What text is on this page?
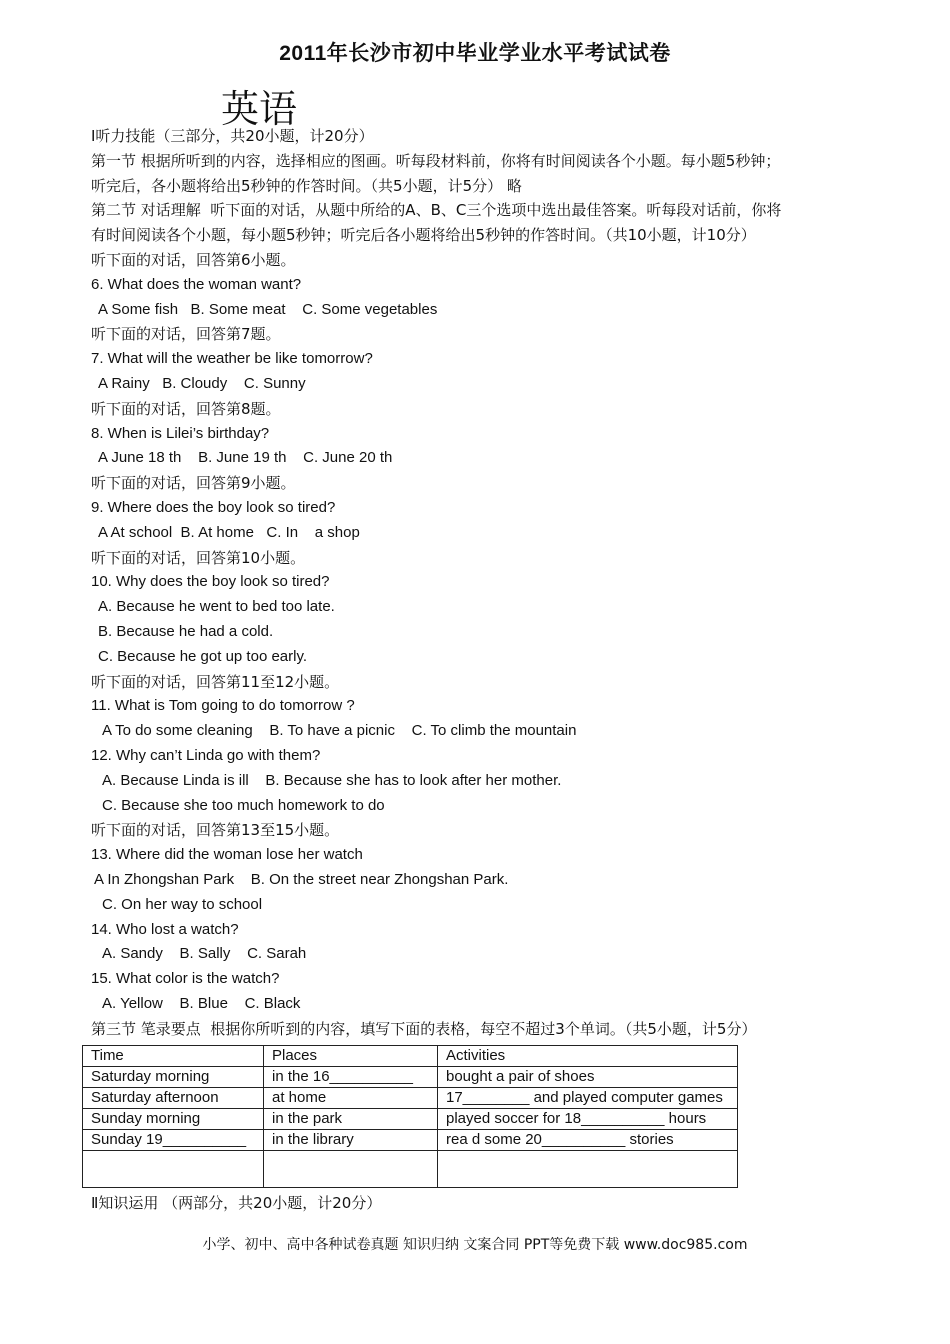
2011年长沙市初中毕业学业水平考试试卷
英语
Ⅰ听力技能（三部分，共20小题，计20分）
第一节 根据所听到的内容，选择相应的图画。听每段材料前，你将有时间阅读各个小题。每小题5秒钟；
听完后，各小题将给出5秒钟的作答时间。（共5小题，计5分） 略
第二节 对话理解  听下面的对话，从题中所给的A、B、C三个选项中选出最佳答案。听每段对话前，你将
有时间阅读各个小题，每小题5秒钟；听完后各小题将给出5秒钟的作答时间。（共10小题，计10分）
听下面的对话，回答第6小题。
6. What does the woman want?
A Some fish   B. Some meat    C. Some vegetables
听下面的对话，回答第7题。
7. What will the weather be like tomorrow?
A Rainy   B. Cloudy    C. Sunny
听下面的对话，回答第8题。
8. When is Lilei’s birthday?
A June 18 th    B. June 19 th    C. June 20 th
听下面的对话，回答第9小题。
9. Where does the boy look so tired?
A At school  B. At home   C. In    a shop
听下面的对话，回答第10小题。
10. Why does the boy look so tired?
A. Because he went to bed too late.
B. Because he had a cold.
C. Because he got up too early.
听下面的对话，回答第11至12小题。
11. What is Tom going to do tomorrow ?
A To do some cleaning    B. To have a picnic    C. To climb the mountain
12. Why can’t Linda go with them?
A. Because Linda is ill    B. Because she has to look after her mother.
C. Because she too much homework to do
听下面的对话，回答第13至15小题。
13. Where did the woman lose her watch
A In Zhongshan Park    B. On the street near Zhongshan Park.
C. On her way to school
14. Who lost a watch?
A. Sandy    B. Sally    C. Sarah
15. What color is the watch?
A. Yellow    B. Blue    C. Black
第三节 笔录要点  根据你所听到的内容，填写下面的表格，每空不超过3个单词。（共5小题，计5分）
Time	Places	Activities
Saturday morning	in the 16__________	bought a pair of shoes
Saturday afternoon	at home	17________ and played computer games
Sunday morning	in the park	played soccer for 18__________ hours
Sunday 19__________	in the library	rea d some 20__________ stories

Ⅱ知识运用 （两部分，共20小题，计20分）
小学、初中、高中各种试卷真题 知识归纳 文案合同 PPT等免费下载 www.doc985.com
